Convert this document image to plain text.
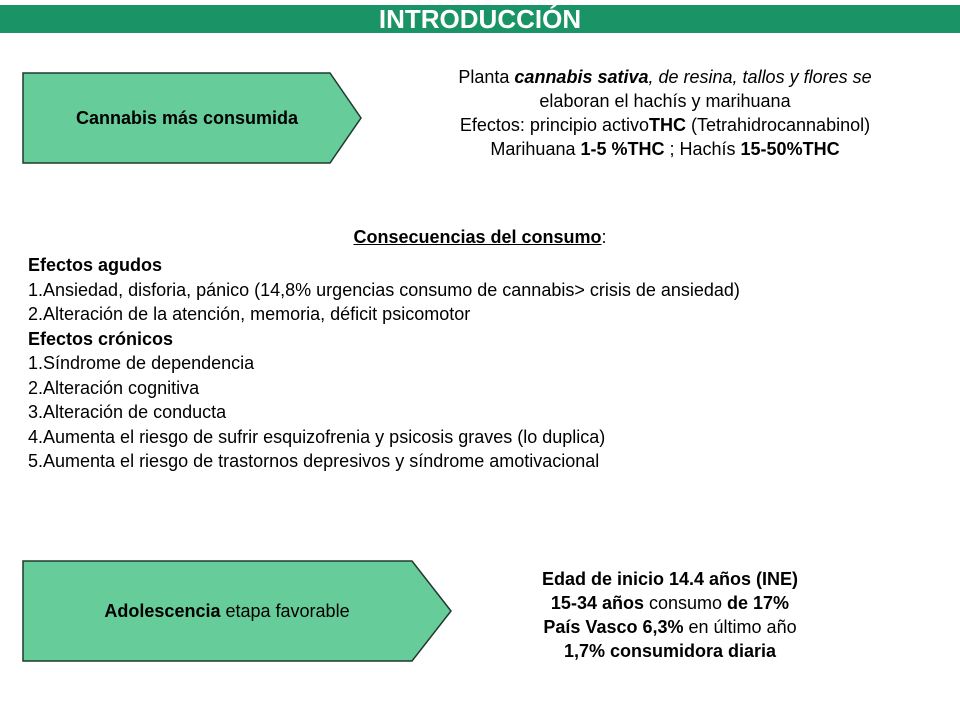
INTRODUCCIÓN
Cannabis más consumida
Planta cannabis sativa, de resina, tallos y flores se
elaboran el hachís y marihuana
Efectos: principio activoTHC (Tetrahidrocannabinol)
Marihuana 1-5 %THC ; Hachís 15-50%THC
Consecuencias del consumo:
Efectos agudos
1.Ansiedad, disforia, pánico (14,8% urgencias consumo de cannabis> crisis de ansiedad)
2.Alteración de la atención, memoria, déficit psicomotor
Efectos crónicos
1.Síndrome de dependencia
2.Alteración cognitiva
3.Alteración de conducta
4.Aumenta el riesgo de sufrir esquizofrenia y psicosis graves (lo duplica)
5.Aumenta el riesgo de trastornos depresivos y síndrome amotivacional
Adolescencia etapa favorable
Edad de inicio 14.4 años (INE)
15-34 años consumo de 17%
País Vasco 6,3% en último año
1,7% consumidora diaria
